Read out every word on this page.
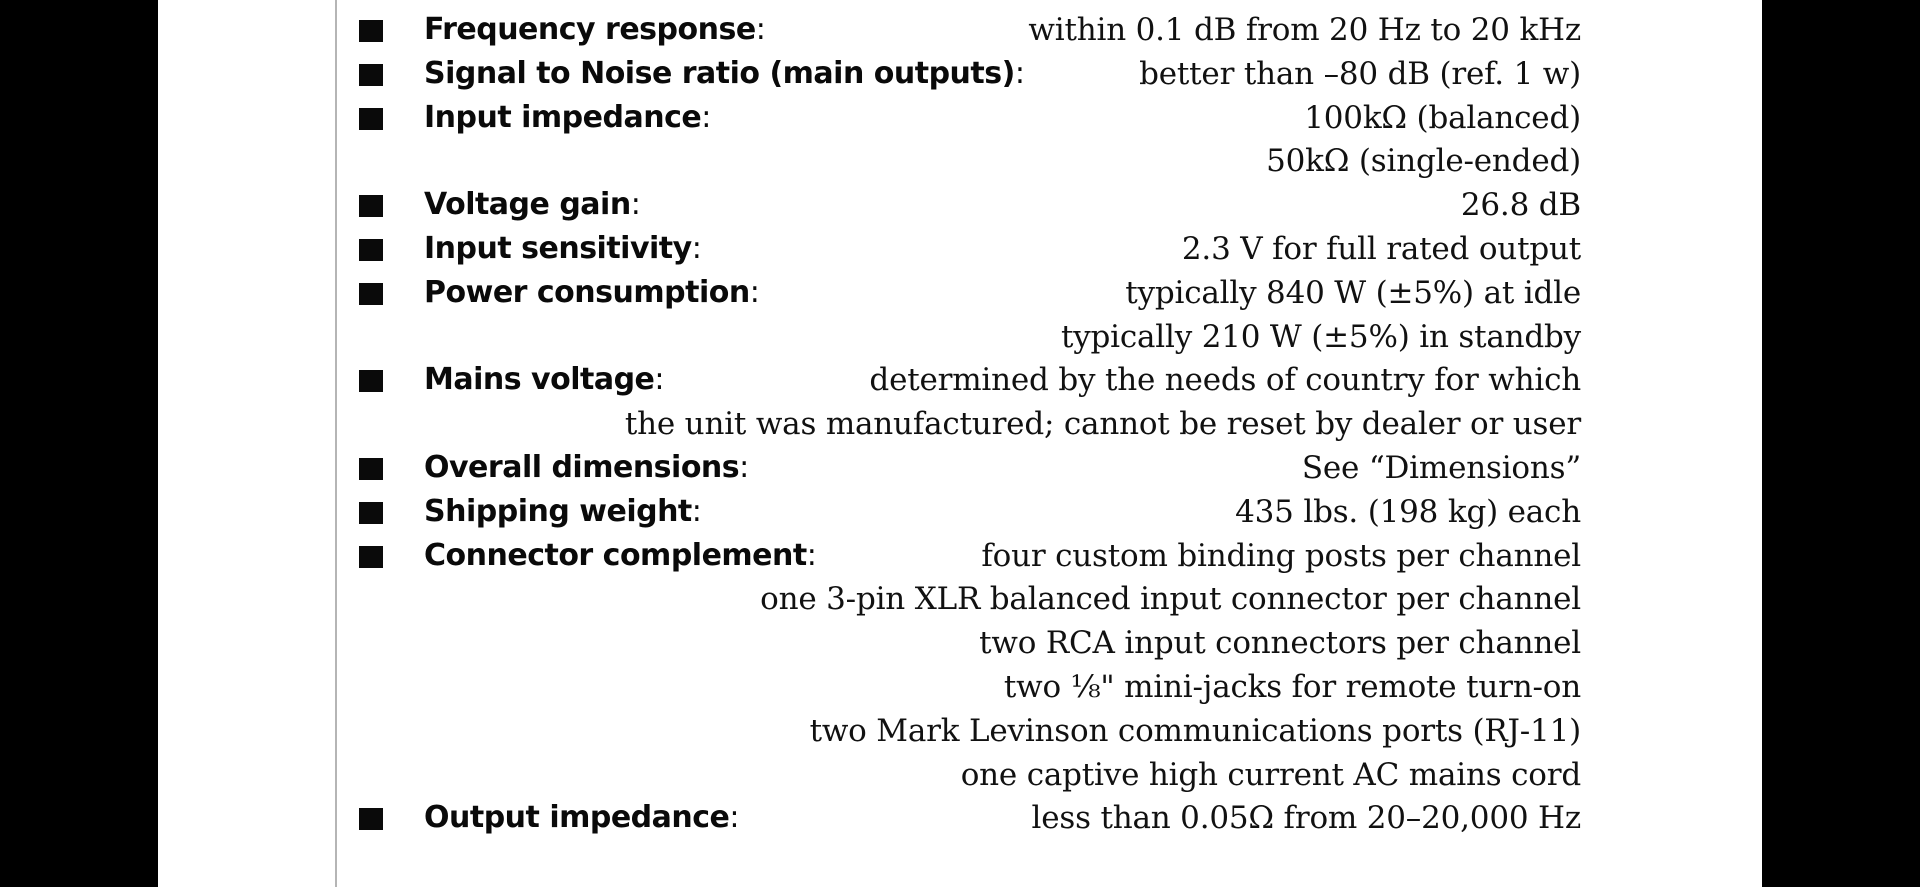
Frequency response:	within 0.1 dB from 20 Hz to 20 kHz
Signal to Noise ratio (main outputs):	better than –80 dB (ref. 1 w)
Input impedance:	100kΩ (balanced)
50kΩ (single-ended)
Voltage gain:	26.8 dB
Input sensitivity:	2.3 V for full rated output
Power consumption:	typically 840 W (±5%) at idle
typically 210 W (±5%) in standby
Mains voltage:	determined by the needs of country for which
the unit was manufactured; cannot be reset by dealer or user
Overall dimensions:	See “Dimensions”
Shipping weight:	435 lbs. (198 kg) each
Connector complement:	four custom binding posts per channel
one 3-pin XLR balanced input connector per channel
two RCA input connectors per channel
two ⅛" mini-jacks for remote turn-on
two Mark Levinson communications ports (RJ-11)
one captive high current AC mains cord
Output impedance:	less than 0.05Ω from 20–20,000 Hz
